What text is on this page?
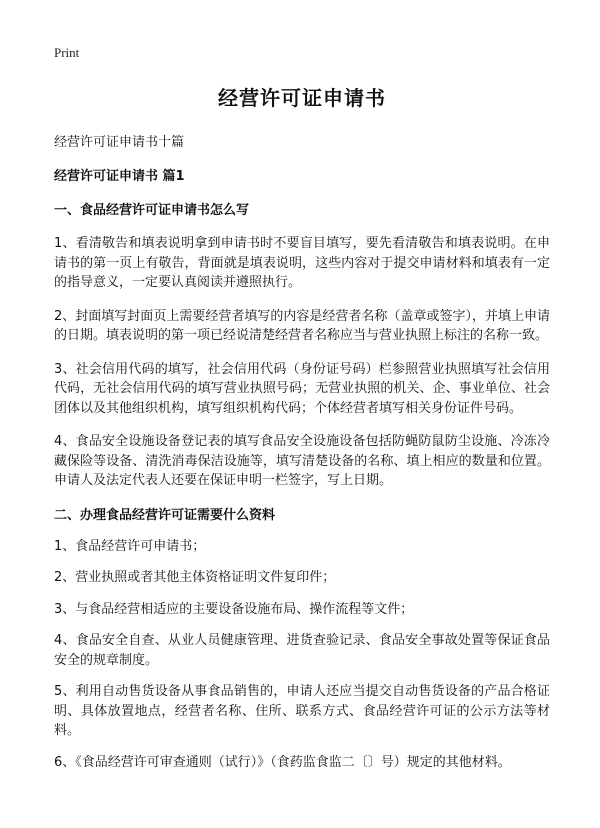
Print

经营许可证申请书

经营许可证申请书十篇

经营许可证申请书 篇1

一、食品经营许可证申请书怎么写

1、看清敬告和填表说明拿到申请书时不要盲目填写，要先看清敬告和填表说明。在申请书的第一页上有敬告，背面就是填表说明，这些内容对于提交申请材料和填表有一定的指导意义，一定要认真阅读并遵照执行。

2、封面填写封面页上需要经营者填写的内容是经营者名称（盖章或签字），并填上申请的日期。填表说明的第一项已经说清楚经营者名称应当与营业执照上标注的名称一致。

3、社会信用代码的填写，社会信用代码（身份证号码）栏参照营业执照填写社会信用代码，无社会信用代码的填写营业执照号码；无营业执照的机关、企、事业单位、社会团体以及其他组织机构，填写组织机构代码；个体经营者填写相关身份证件号码。

4、食品安全设施设备登记表的填写食品安全设施设备包括防蝇防鼠防尘设施、冷冻冷藏保险等设备、清洗消毒保洁设施等，填写清楚设备的名称、填上相应的数量和位置。申请人及法定代表人还要在保证申明一栏签字，写上日期。

二、办理食品经营许可证需要什么资料

1、食品经营许可申请书；

2、营业执照或者其他主体资格证明文件复印件；

3、与食品经营相适应的主要设备设施布局、操作流程等文件；

4、食品安全自查、从业人员健康管理、进货查验记录、食品安全事故处置等保证食品安全的规章制度。

5、利用自动售货设备从事食品销售的，申请人还应当提交自动售货设备的产品合格证明、具体放置地点，经营者名称、住所、联系方式、食品经营许可证的公示方法等材料。

6、《食品经营许可审查通则（试行）》（食药监食监二〔〕号）规定的其他材料。
